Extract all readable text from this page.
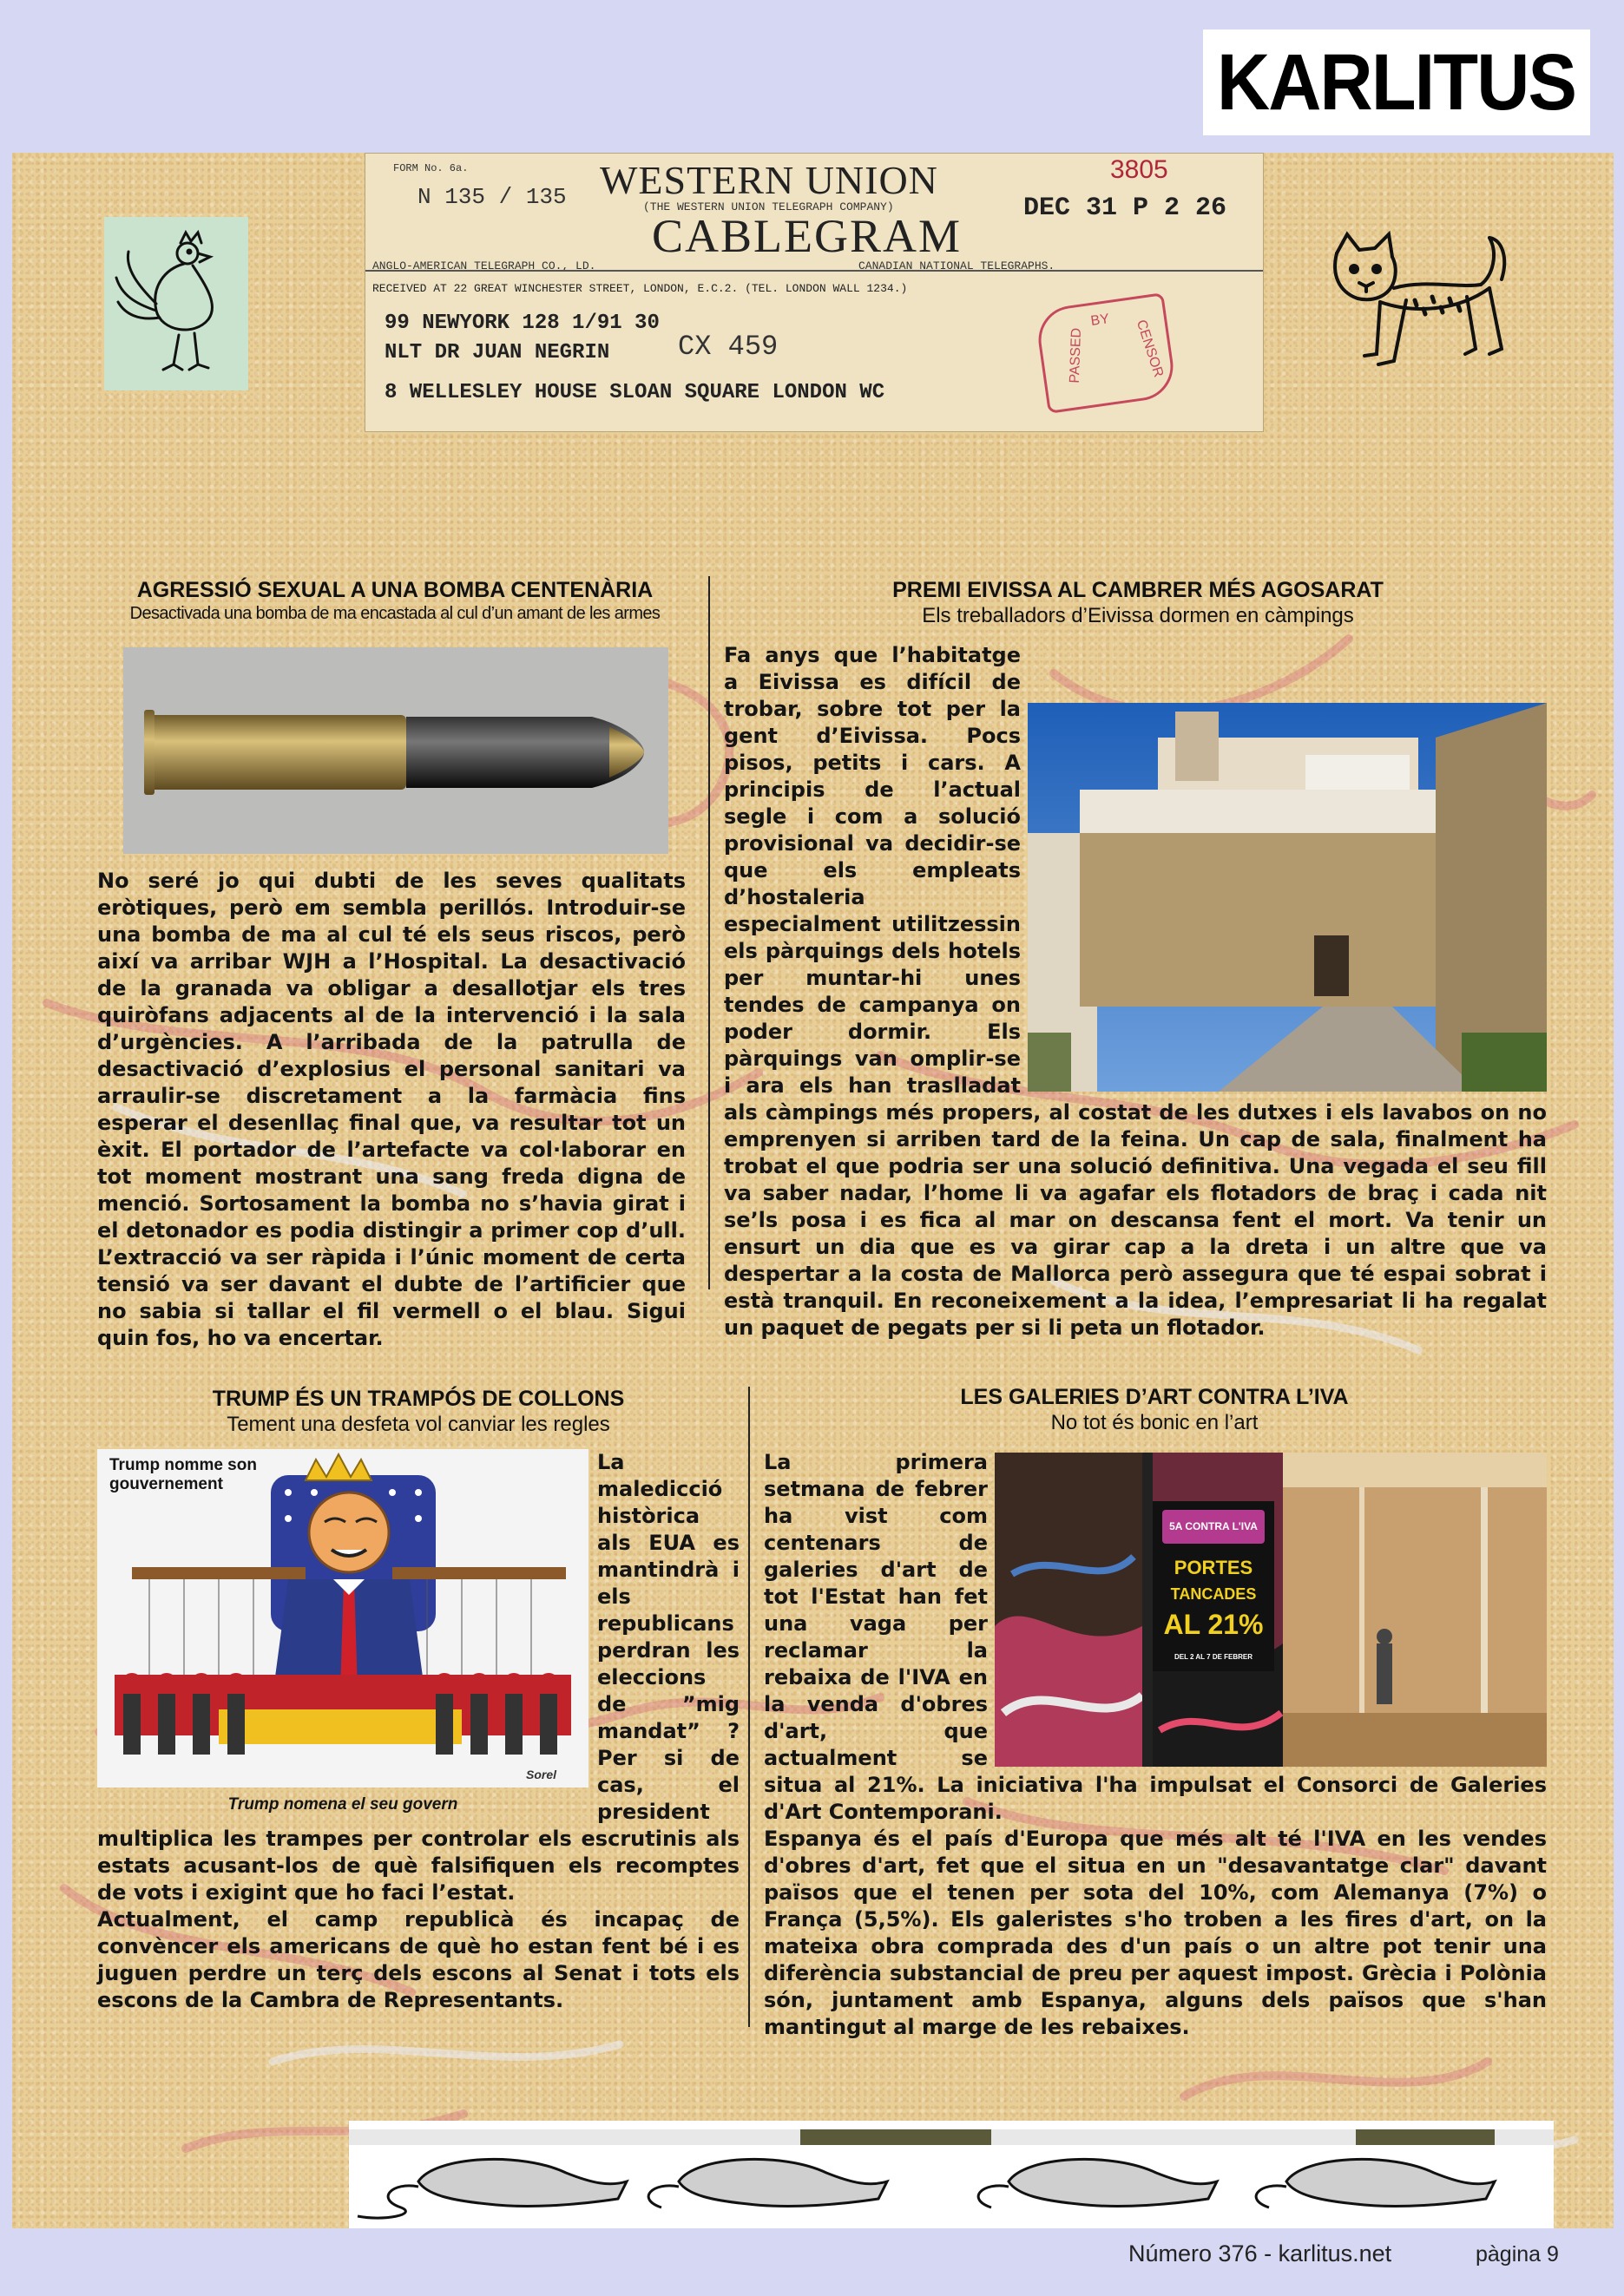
KARLITUS
FORM No. 6a.
N 135 / 135 WESTERN UNION
(THE WESTERN UNION TELEGRAPH COMPANY)
3805
DEC 31 P 2 26
CABLEGRAM
ANGLO-AMERICAN TELEGRAPH CO., LD.	CANADIAN NATIONAL TELEGRAPHS.
RECEIVED AT 22 GREAT WINCHESTER STREET, LONDON, E.C.2. (TEL. LONDON WALL 1234.)
99 NEWYORK 128 1/91 30
NLT DR JUAN NEGRIN CX 459
8 WELLESLEY HOUSE SLOAN SQUARE LONDON WC
BY
PASSED	CENSOR
AGRESSIÓ SEXUAL A UNA BOMBA CENTENÀRIA
Desactivada una bomba de ma encastada al cul d’un amant de les armes

No seré jo qui dubti de les seves qualitats eròtiques, però em sembla perillós. Introduir-se una bomba de ma al cul té els seus riscos, però així va arribar WJH a l’Hospital. La desactivació de la granada va obligar a desallotjar els tres quiròfans adjacents al de la intervenció i la sala d’urgències. A l’arribada de la patrulla de desactivació d’explosius el personal sanitari va arraulir-se discretament a la farmàcia fins esperar el desenllaç final que, va resultar tot un èxit. El portador de l’artefacte va col·laborar en tot moment mostrant una sang freda digna de menció. Sortosament la bomba no s’havia girat i el detonador es podia distingir a primer cop d’ull. L’extracció va ser ràpida i l’únic moment de certa tensió va ser davant el dubte de l’artificier que no sabia si tallar el fil vermell o el blau. Sigui quin fos, ho va encertar.

PREMI EIVISSA AL CAMBRER MÉS AGOSARAT
Els treballadors d’Eivissa dormen en càmpings

Fa anys que l’habitatge a Eivissa es difícil de trobar, sobre tot per la gent d’Eivissa. Pocs pisos, petits i cars. A principis de l’actual segle i com a solució provisional va decidir-se que els empleats d’hostaleria especialment utilitzessin els pàrquings dels hotels per muntar-hi unes tendes de campanya on poder dormir. Els pàrquings van omplir-se i ara els han traslladat als càmpings més propers, al costat de les dutxes i els lavabos on no emprenyen si arriben tard de la feina. Un cap de sala, finalment ha trobat el que podria ser una solució definitiva. Una vegada el seu fill va saber nadar, l’home li va agafar els flotadors de braç i cada nit se’ls posa i es fica al mar on descansa fent el mort. Va tenir un ensurt un dia que es va girar cap a la dreta i un altre que va despertar a la costa de Mallorca però assegura que té espai sobrat i està tranquil. En reconeixement a la idea, l’empresariat li ha regalat un paquet de pegats per si li peta un flotador.

TRUMP ÉS UN TRAMPÓS DE COLLONS
Tement una desfeta vol canviar les regles
Trump nomme son gouvernement
Sorel
Trump nomena el seu govern

La maledicció històrica als EUA es mantindrà i els republicans perdran les eleccions de ”mig mandat” ? Per si de cas, el president multiplica les trampes per controlar els escrutinis als estats acusant-los de què falsifiquen els recomptes de vots i exigint que ho faci l’estat.

Actualment, el camp republicà és incapaç de convèncer els americans de què ho estan fent bé i es juguen perdre un terç dels escons al Senat i tots els escons de la Cambra de Representants.

LES GALERIES D’ART CONTRA L’IVA
No tot és bonic en l’art
5A CONTRA L'IVA
PORTES
TANCADES
AL 21%
DEL 2 AL 7 DE FEBRER

La primera setmana de febrer ha vist com centenars de galeries d'art de tot l'Estat han fet una vaga per reclamar la rebaixa de l'IVA en la venda d'obres d'art, que actualment se situa al 21%. La iniciativa l'ha impulsat el Consorci de Galeries d'Art Contemporani.

Espanya és el país d'Europa que més alt té l'IVA en les vendes d'obres d'art, fet que el situa en un "desavantatge clar" davant països que el tenen per sota del 10%, com Alemanya (7%) o França (5,5%). Els galeristes s'ho troben a les fires d'art, on la mateixa obra comprada des d'un país o un altre pot tenir una diferència substancial de preu per aquest impost. Grècia i Polònia són, juntament amb Espanya, alguns dels països que s'han mantingut al marge de les rebaixes.

Número 376 - karlitus.net	pàgina 9
